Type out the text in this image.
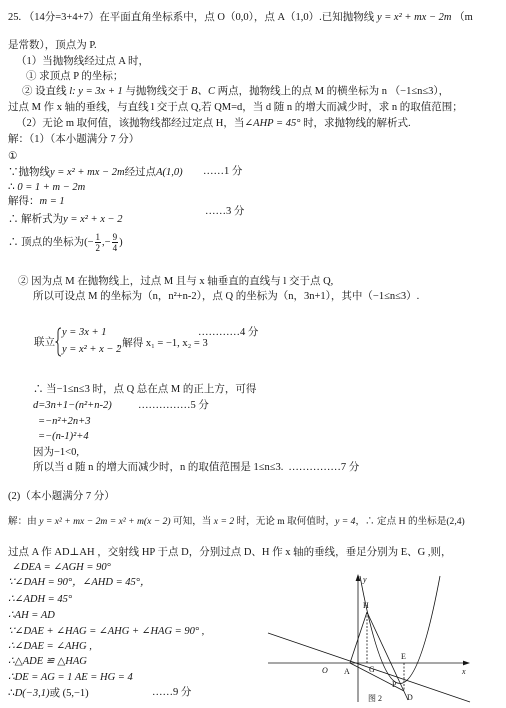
25. （14分=3+4+7）在平面直角坐标系中，点 O（0,0），点 A（1,0）.已知抛物线 y = x² + mx − 2m （m
是常数），顶点为 P.
（1）当抛物线经过点 A 时，
① 求顶点 P 的坐标；
② 设直线 l: y = 3x + 1 与抛物线交于 B、C 两点，抛物线上的点 M 的横坐标为 n （−1≤n≤3），
过点 M 作 x 轴的垂线，与直线 l 交于点 Q,若 QM=d，当 d 随 n 的增大而减少时，求 n 的取值范围；
（2）无论 m 取何值，该抛物线都经过定点 H，当∠AHP = 45° 时，求抛物线的解析式.
解：（1）（本小题满分 7 分）
①
∵抛物线y = x² + mx − 2m经过点A(1,0) ……1 分
∴ 0 = 1 + m − 2m
解得：m = 1
∴ 解析式为y = x² + x − 2
……3 分
∴ 顶点的坐标为(− $\frac{1}{2}$ ,− $\frac{9}{4}$ )
② 因为点 M 在抛物线上，过点 M 且与 x 轴垂直的直线与 l 交于点 Q,
所以可设点 M 的坐标为（n，n²+n-2），点 Q 的坐标为（n，3n+1），其中（−1≤n≤3）.
联立
y = 3x + 1
y = x² + x − 2
, 解得 x₁ = −1, x₂ = 3
…………4 分
∴ 当−1≤n≤3 时，点 Q 总在点 M 的正上方，可得
d=3n+1−(n²+n-2)	……………5 分
=−n²+2n+3
=−(n-1)²+4
因为−1<0,
所以当 d 随 n 的增大而减少时，n 的取值范围是 1≤n≤3. ……………7 分
(2)（本小题满分 7 分）
解：由 y = x² + mx − 2m = x² + m(x − 2) 可知，当 x = 2 时，无论 m 取何值时，y = 4，∴ 定点 H 的坐标是(2,4)
过点 A 作 AD⊥AH ，交射线 HP 于点 D，分别过点 D、H 作 x 轴的垂线，垂足分别为 E、G ,则，
∠DEA = ∠AGH = 90°
∵∠DAH = 90°，∠AHD = 45°，
∴∠ADH = 45°
∴AH = AD
∵∠DAE + ∠HAG = ∠AHG + ∠HAG = 90° ,
∴∠DAE = ∠AHG ,
∴△ADE ≌ △HAG
∴DE = AG = 1 AE = HG = 4
∴D(−3,1)或 (5,−1)	……9 分
x
y
O A
H
G
E
P
D
图 2
